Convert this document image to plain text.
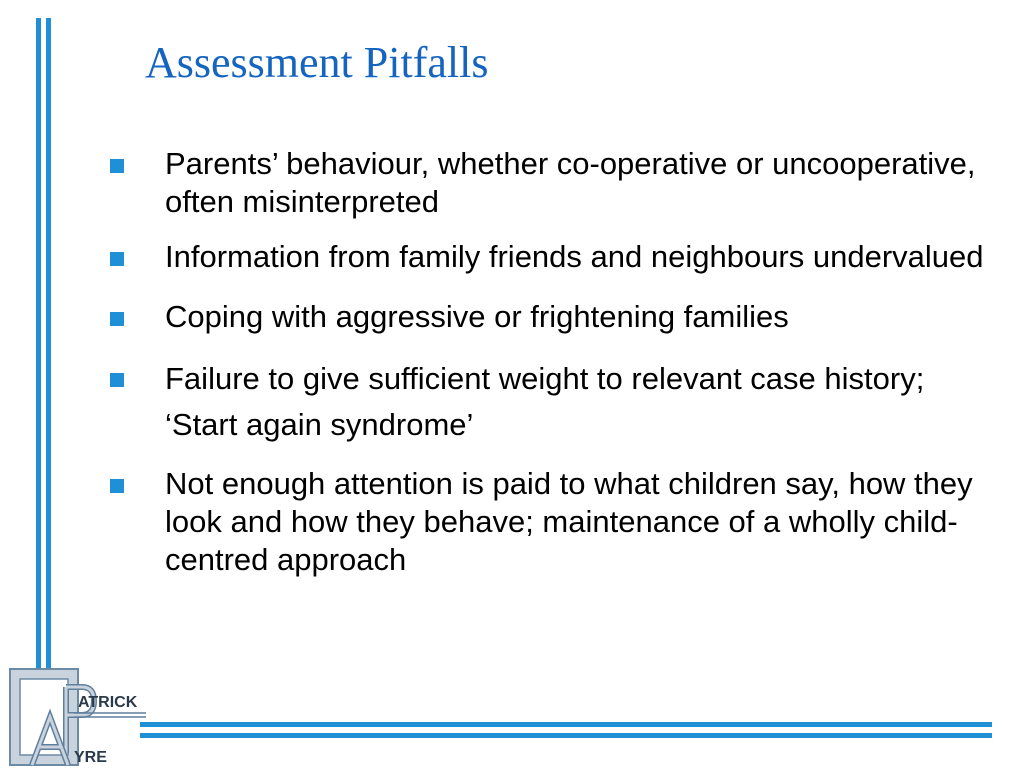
Assessment Pitfalls
Parents’ behaviour, whether co-operative or uncooperative, often misinterpreted
Information from family friends and neighbours undervalued
Coping with aggressive or frightening families
Failure to give sufficient weight to relevant case history; ‘Start again syndrome’
Not enough attention is paid to what children say, how they look and how they behave; maintenance of a wholly child-centred approach
ATRICK
YRE
